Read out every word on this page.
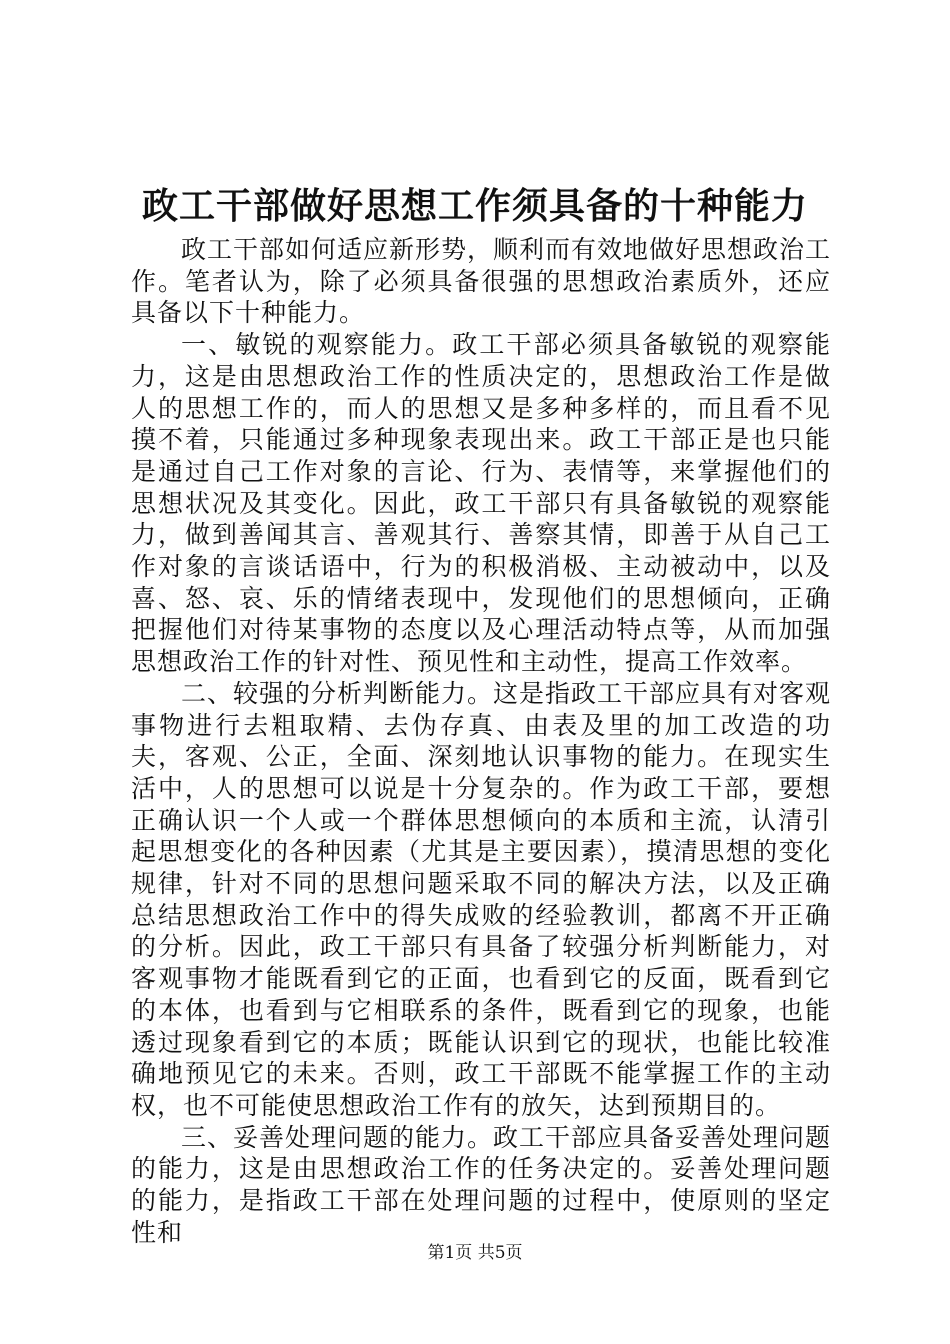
政工干部做好思想工作须具备的十种能力

政工干部如何适应新形势，顺利而有效地做好思想政治工作。笔者认为，除了必须具备很强的思想政治素质外，还应具备以下十种能力。

一、敏锐的观察能力。政工干部必须具备敏锐的观察能力，这是由思想政治工作的性质决定的，思想政治工作是做人的思想工作的，而人的思想又是多种多样的，而且看不见摸不着，只能通过多种现象表现出来。政工干部正是也只能是通过自己工作对象的言论、行为、表情等，来掌握他们的思想状况及其变化。因此，政工干部只有具备敏锐的观察能力，做到善闻其言、善观其行、善察其情，即善于从自己工作对象的言谈话语中，行为的积极消极、主动被动中，以及喜、怒、哀、乐的情绪表现中，发现他们的思想倾向，正确把握他们对待某事物的态度以及心理活动特点等，从而加强思想政治工作的针对性、预见性和主动性，提高工作效率。

二、较强的分析判断能力。这是指政工干部应具有对客观事物进行去粗取精、去伪存真、由表及里的加工改造的功夫，客观、公正，全面、深刻地认识事物的能力。在现实生活中，人的思想可以说是十分复杂的。作为政工干部，要想正确认识一个人或一个群体思想倾向的本质和主流，认清引起思想变化的各种因素（尤其是主要因素），摸清思想的变化规律，针对不同的思想问题采取不同的解决方法，以及正确总结思想政治工作中的得失成败的经验教训，都离不开正确的分析。因此，政工干部只有具备了较强分析判断能力，对客观事物才能既看到它的正面，也看到它的反面，既看到它的本体，也看到与它相联系的条件，既看到它的现象，也能透过现象看到它的本质；既能认识到它的现状，也能比较准确地预见它的未来。否则，政工干部既不能掌握工作的主动权，也不可能使思想政治工作有的放矢，达到预期目的。

三、妥善处理问题的能力。政工干部应具备妥善处理问题的能力，这是由思想政治工作的任务决定的。妥善处理问题的能力，是指政工干部在处理问题的过程中，使原则的坚定性和

第1页 共5页
